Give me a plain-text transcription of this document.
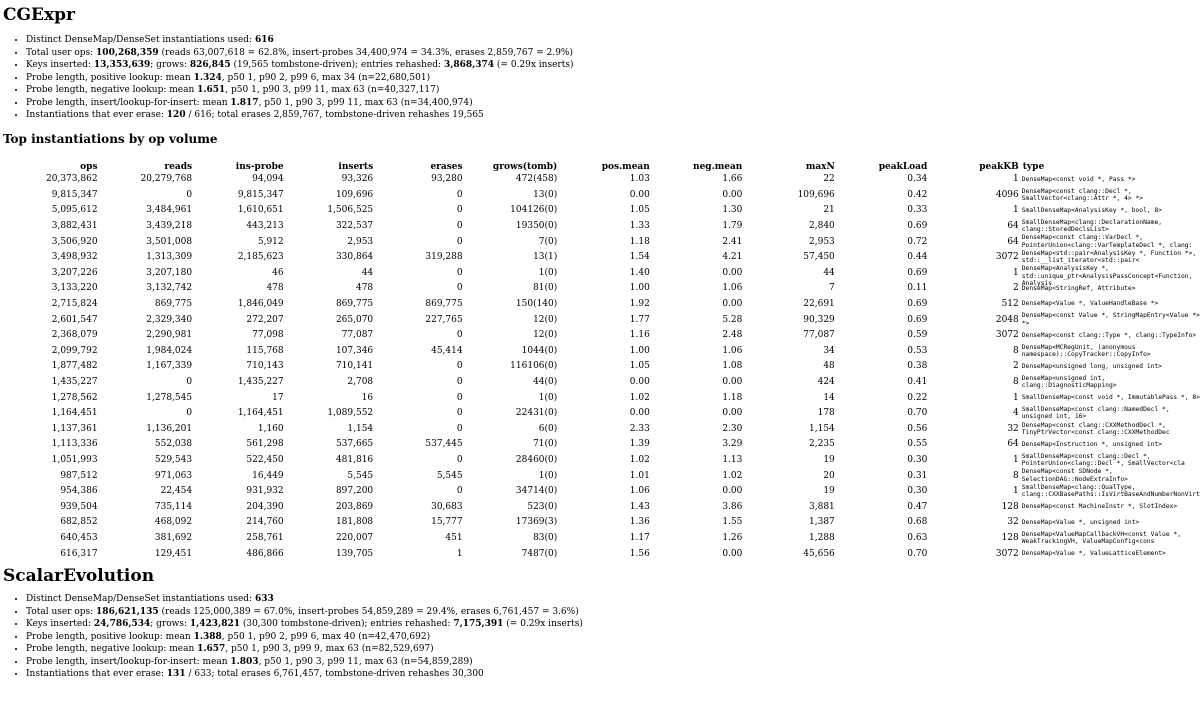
CGExpr
• Distinct DenseMap/DenseSet instantiations used: 616
• Total user ops: 100,268,359 (reads 63,007,618 = 62.8%, insert-probes 34,400,974 = 34.3%, erases 2,859,767 = 2.9%)
• Keys inserted: 13,353,639; grows: 826,845 (19,565 tombstone-driven); entries rehashed: 3,868,374 (= 0.29x inserts)
• Probe length, positive lookup: mean 1.324, p50 1, p90 2, p99 6, max 34 (n=22,680,501)
• Probe length, negative lookup: mean 1.651, p50 1, p90 3, p99 11, max 63 (n=40,327,117)
• Probe length, insert/lookup-for-insert: mean 1.817, p50 1, p90 3, p99 11, max 63 (n=34,400,974)
• Instantiations that ever erase: 120 / 616; total erases 2,859,767, tombstone-driven rehashes 19,565
Top instantiations by op volume
ops	reads	ins-probe	inserts	erases	grows(tomb)	pos.mean	neg.mean	maxN	peakLoad	peakKB	type
20,373,862	20,279,768	94,094	93,326	93,280	472(458)	1.03	1.66	22	0.34	1	DenseMap<const void *, Pass *>

9,815,347	0	9,815,347	109,696	0	13(0)	0.00	0.00	109,696	0.42	4096	DenseMap<const clang::Decl *, SmallVector<clang::Attr *, 4> *>

5,095,612	3,484,961	1,610,651	1,506,525	0	104126(0)	1.05	1.30	21	0.33	1	SmallDenseMap<AnalysisKey *, bool, 8>

3,882,431	3,439,218	443,213	322,537	0	19350(0)	1.33	1.79	2,840	0.69	64	SmallDenseMap<clang::DeclarationName, clang::StoredDeclsList>

3,506,920	3,501,008	5,912	2,953	0	7(0)	1.18	2.41	2,953	0.72	64	DenseMap<const clang::VarDecl *, PointerUnion<clang::VarTemplateDecl *, clang:

3,498,932	1,313,309	2,185,623	330,864	319,288	13(1)	1.54	4.21	57,450	0.44	3072	DenseMap<std::pair<AnalysisKey *, Function *>, std::__list_iterator<std::pair<

3,207,226	3,207,180	46	44	0	1(0)	1.40	0.00	44	0.69	1	DenseMap<AnalysisKey *, std::unique_ptr<AnalysisPassConcept<Function, Analysis

3,133,220	3,132,742	478	478	0	81(0)	1.00	1.06	7	0.11	2	DenseMap<StringRef, Attribute>

2,715,824	869,775	1,846,049	869,775	869,775	150(140)	1.92	0.00	22,691	0.69	512	DenseMap<Value *, ValueHandleBase *>

2,601,547	2,329,340	272,207	265,070	227,765	12(0)	1.77	5.28	90,329	0.69	2048	DenseMap<const Value *, StringMapEntry<Value *> *>

2,368,079	2,290,981	77,098	77,087	0	12(0)	1.16	2.48	77,087	0.59	3072	DenseMap<const clang::Type *, clang::TypeInfo>

2,099,792	1,984,024	115,768	107,346	45,414	1044(0)	1.00	1.06	34	0.53	8	DenseMap<MCRegUnit, (anonymous namespace)::CopyTracker::CopyInfo>

1,877,482	1,167,339	710,143	710,141	0	116106(0)	1.05	1.08	48	0.38	2	DenseMap<unsigned long, unsigned int>

1,435,227	0	1,435,227	2,708	0	44(0)	0.00	0.00	424	0.41	8	DenseMap<unsigned int, clang::DiagnosticMapping>

1,278,562	1,278,545	17	16	0	1(0)	1.02	1.18	14	0.22	1	SmallDenseMap<const void *, ImmutablePass *, 8>

1,164,451	0	1,164,451	1,089,552	0	22431(0)	0.00	0.00	178	0.70	4	SmallDenseMap<const clang::NamedDecl *, unsigned int, 16>

1,137,361	1,136,201	1,160	1,154	0	6(0)	2.33	2.30	1,154	0.56	32	DenseMap<const clang::CXXMethodDecl *, TinyPtrVector<const clang::CXXMethodDec

1,113,336	552,038	561,298	537,665	537,445	71(0)	1.39	3.29	2,235	0.55	64	DenseMap<Instruction *, unsigned int>

1,051,993	529,543	522,450	481,816	0	28460(0)	1.02	1.13	19	0.30	1	SmallDenseMap<const clang::Decl *, PointerUnion<clang::Decl *, SmallVector<cla

987,512	971,063	16,449	5,545	5,545	1(0)	1.01	1.02	20	0.31	8	DenseMap<const SDNode *, SelectionDAG::NodeExtraInfo>

954,386	22,454	931,932	897,200	0	34714(0)	1.06	0.00	19	0.30	1	SmallDenseMap<clang::QualType, clang::CXXBasePaths::IsVirtBaseAndNumberNonVirt

939,504	735,114	204,390	203,869	30,683	523(0)	1.43	3.86	3,881	0.47	128	DenseMap<const MachineInstr *, SlotIndex>

682,852	468,092	214,760	181,808	15,777	17369(3)	1.36	1.55	1,387	0.68	32	DenseMap<Value *, unsigned int>

640,453	381,692	258,761	220,007	451	83(0)	1.17	1.26	1,288	0.63	128	DenseMap<ValueMapCallbackVH<const Value *, WeakTrackingVH, ValueMapConfig<cons

616,317	129,451	486,866	139,705	1	7487(0)	1.56	0.00	45,656	0.70	3072	DenseMap<Value *, ValueLatticeElement>
ScalarEvolution
• Distinct DenseMap/DenseSet instantiations used: 633
• Total user ops: 186,621,135 (reads 125,000,389 = 67.0%, insert-probes 54,859,289 = 29.4%, erases 6,761,457 = 3.6%)
• Keys inserted: 24,786,534; grows: 1,423,821 (30,300 tombstone-driven); entries rehashed: 7,175,391 (= 0.29x inserts)
• Probe length, positive lookup: mean 1.388, p50 1, p90 2, p99 6, max 40 (n=42,470,692)
• Probe length, negative lookup: mean 1.657, p50 1, p90 3, p99 9, max 63 (n=82,529,697)
• Probe length, insert/lookup-for-insert: mean 1.803, p50 1, p90 3, p99 11, max 63 (n=54,859,289)
• Instantiations that ever erase: 131 / 633; total erases 6,761,457, tombstone-driven rehashes 30,300
